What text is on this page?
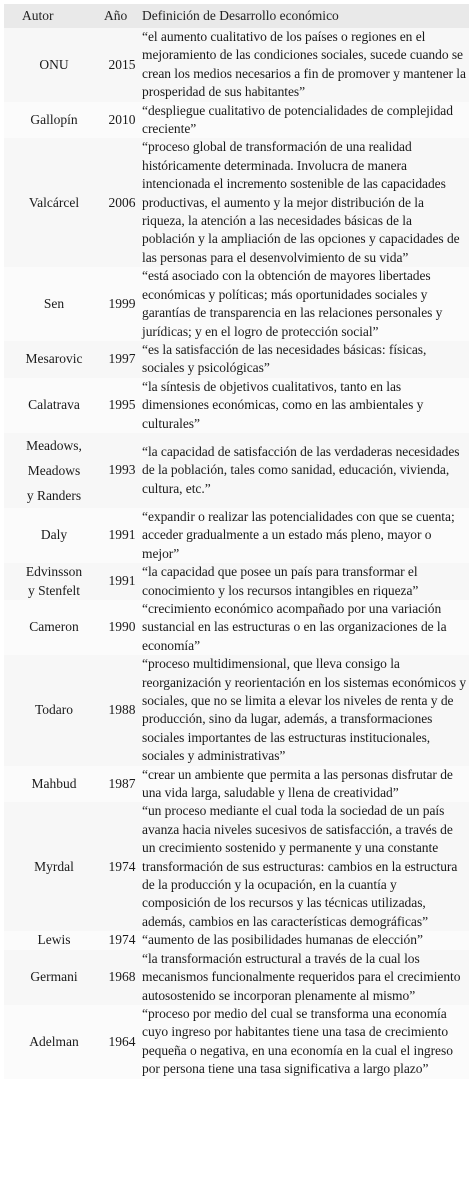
Autor	Año	Definición de Desarrollo económico
ONU	2015	“el aumento cualitativo de los países o regiones en el mejoramiento de las condiciones sociales, sucede cuando se crean los medios necesarios a fin de promover y mantener la prosperidad de sus habitantes”
Gallopín	2010	“despliegue cualitativo de potencialidades de complejidad creciente”
Valcárcel	2006	“proceso global de transformación de una realidad históricamente determinada. Involucra de manera intencionada el incremento sostenible de las capacidades productivas, el aumento y la mejor distribución de la riqueza, la atención a las necesidades básicas de la población y la ampliación de las opciones y capacidades de las personas para el desenvolvimiento de su vida”
Sen	1999	“está asociado con la obtención de mayores libertades económicas y políticas; más oportunidades sociales y garantías de transparencia en las relaciones personales y jurídicas; y en el logro de protección social”
Mesarovic	1997	“es la satisfacción de las necesidades básicas: físicas, sociales y psicológicas”
Calatrava	1995	“la síntesis de objetivos cualitativos, tanto en las dimensiones económicas, como en las ambientales y culturales”

Meadows,
Meadows
y Randers	1993	“la capacidad de satisfacción de las verdaderas necesidades de la población, tales como sanidad, educación, vivienda, cultura, etc.”
Daly	1991	“expandir o realizar las potencialidades con que se cuenta; acceder gradualmente a un estado más pleno, mayor o mejor”

Edvinsson
y Stenfelt	1991	“la capacidad que posee un país para transformar el conocimiento y los recursos intangibles en riqueza”
Cameron	1990	“crecimiento económico acompañado por una variación sustancial en las estructuras o en las organizaciones de la economía”
Todaro	1988	“proceso multidimensional, que lleva consigo la reorganización y reorientación en los sistemas económicos y sociales, que no se limita a elevar los niveles de renta y de producción, sino da lugar, además, a transformaciones sociales importantes de las estructuras institucionales, sociales y administrativas”
Mahbud	1987	“crear un ambiente que permita a las personas disfrutar de una vida larga, saludable y llena de creatividad”
Myrdal	1974	“un proceso mediante el cual toda la sociedad de un país avanza hacia niveles sucesivos de satisfacción, a través de un crecimiento sostenido y permanente y una constante transformación de sus estructuras: cambios en la estructura de la producción y la ocupación, en la cuantía y composición de los recursos y las técnicas utilizadas, además, cambios en las características demográficas”
Lewis	1974	“aumento de las posibilidades humanas de elección”
Germani	1968	“la transformación estructural a través de la cual los mecanismos funcionalmente requeridos para el crecimiento autosostenido se incorporan plenamente al mismo”
Adelman	1964	“proceso por medio del cual se transforma una economía cuyo ingreso por habitantes tiene una tasa de crecimiento pequeña o negativa, en una economía en la cual el ingreso por persona tiene una tasa significativa a largo plazo”
